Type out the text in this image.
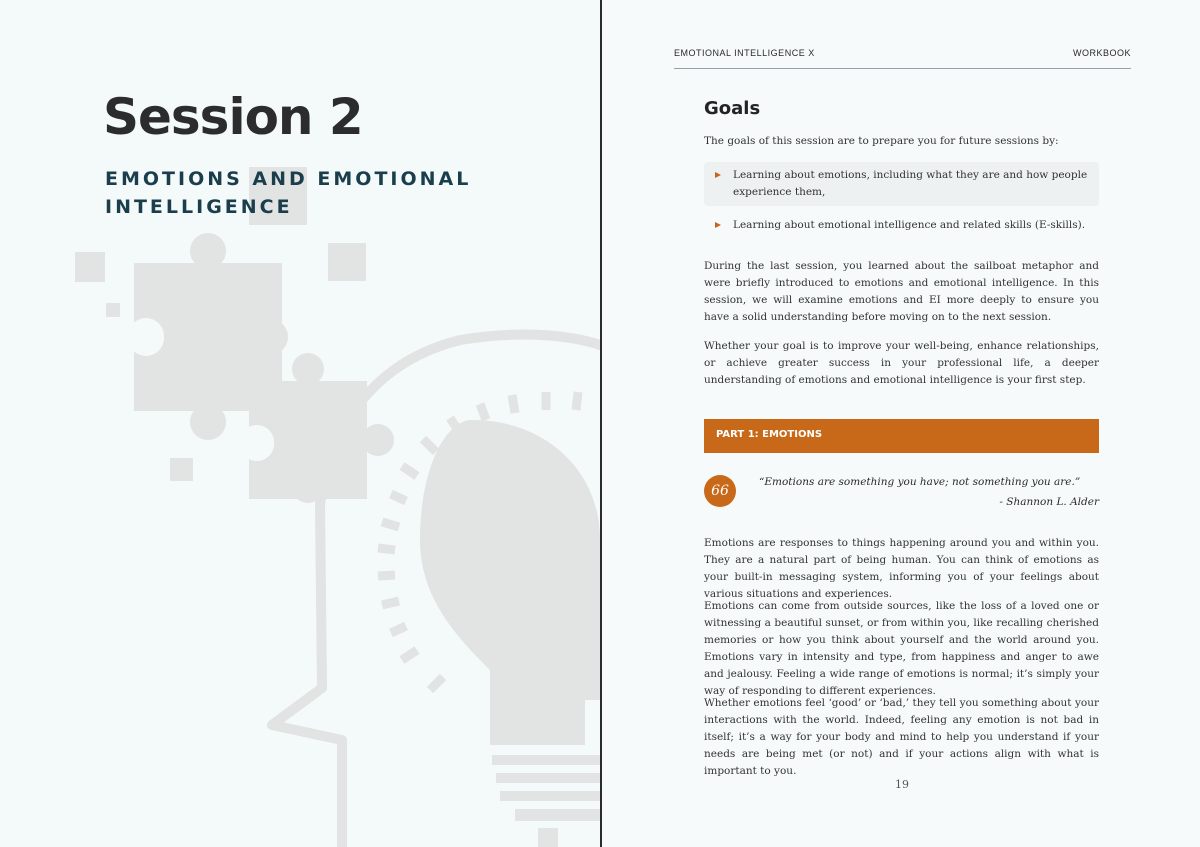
Session 2
EMOTIONS AND EMOTIONAL INTELLIGENCE
EMOTIONAL INTELLIGENCE X	WORKBOOK
Goals

The goals of this session are to prepare you for future sessions by:

Learning about emotions, including what they are and how people experience them,

Learning about emotional intelligence and related skills (E-skills).

During the last session, you learned about the sailboat metaphor and were briefly introduced to emotions and emotional intelligence. In this session, we will examine emotions and EI more deeply to ensure you have a solid understanding before moving on to the next session.

Whether your goal is to improve your well-being, enhance relationships, or achieve greater success in your professional life, a deeper understanding of emotions and emotional intelligence is your first step.

PART 1: EMOTIONS
66

“Emotions are something you have; not something you are.”

- Shannon L. Alder

Emotions are responses to things happening around you and within you. They are a natural part of being human. You can think of emotions as your built-in messaging system, informing you of your feelings about various situations and experiences.

Emotions can come from outside sources, like the loss of a loved one or witnessing a beautiful sunset, or from within you, like recalling cherished memories or how you think about yourself and the world around you. Emotions vary in intensity and type, from happiness and anger to awe and jealousy. Feeling a wide range of emotions is normal; it’s simply your way of responding to different experiences.

Whether emotions feel ‘good’ or ‘bad,’ they tell you something about your interactions with the world. Indeed, feeling any emotion is not bad in itself; it’s a way for your body and mind to help you understand if your needs are being met (or not) and if your actions align with what is important to you.

19
